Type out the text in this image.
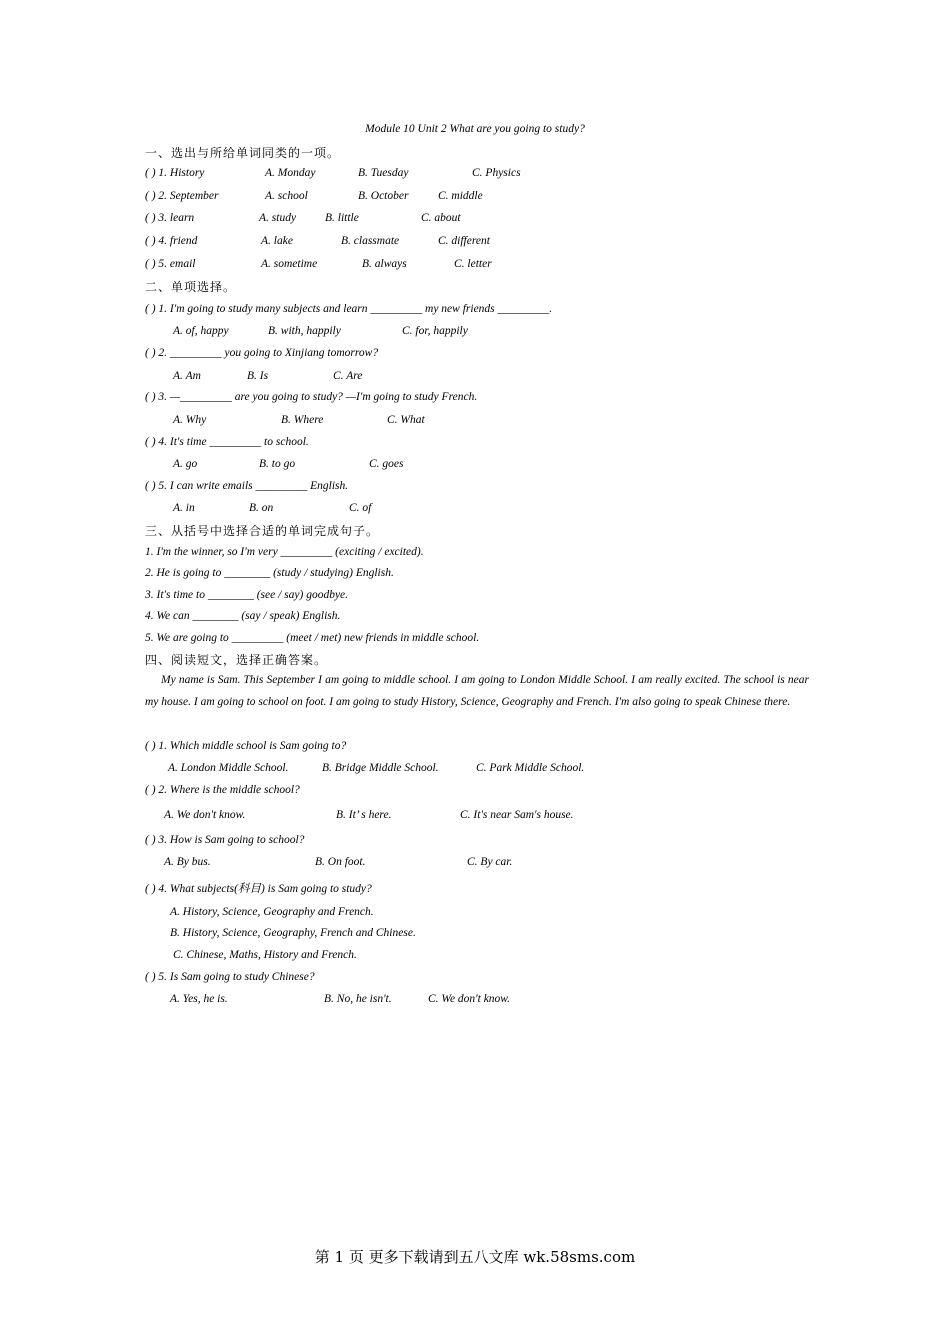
Module 10 Unit 2 What are you going to study?
一、选出与所给单词同类的一项。
( ) 1. History	A. Monday	B. Tuesday	C. Physics
( ) 2. September	A. school	B. October	C. middle
( ) 3. learn	A. study	B. little	C. about
( ) 4. friend	A. lake	B. classmate	C. different
( ) 5. email	A. sometime	B. always	C. letter
二、单项选择。
( ) 1. I'm going to study many subjects and learn _________ my new friends _________.
A. of, happy	B. with, happily	C. for, happily
( ) 2. _________ you going to Xinjiang tomorrow?
A. Am	B. Is	C. Are
( ) 3. —_________ are you going to study? —I'm going to study French.
A. Why	B. Where	C. What
( ) 4. It's time _________ to school.
A. go	B. to go	C. goes
( ) 5. I can write emails _________ English.
A. in	B. on	C. of
三、从括号中选择合适的单词完成句子。
1. I'm the winner, so I'm very _________ (exciting / excited).
2. He is going to ________ (study / studying) English.
3. It's time to ________ (see / say) goodbye.
4. We can ________ (say / speak) English.
5. We are going to _________ (meet / met) new friends in middle school.
四、阅读短文，选择正确答案。
My name is Sam. This September I am going to middle school. I am going to London Middle School. I am really excited. The school is near my house. I am going to school on foot. I am going to study History, Science, Geography and French. I'm also going to speak Chinese there.
( ) 1. Which middle school is Sam going to?
A. London Middle School.	B. Bridge Middle School.	C. Park Middle School.
( ) 2. Where is the middle school?
A. We don't know.	B. It’ s here.	C. It's near Sam's house.
( ) 3. How is Sam going to school?
A. By bus.	B. On foot.	C. By car.
( ) 4. What subjects(科目) is Sam going to study?
A. History, Science, Geography and French.
B. History, Science, Geography, French and Chinese.
C. Chinese, Maths, History and French.
( ) 5. Is Sam going to study Chinese?
A. Yes, he is.	B. No, he isn't.	C. We don't know.
第 1 页 更多下载请到五八文库 wk.58sms.com
